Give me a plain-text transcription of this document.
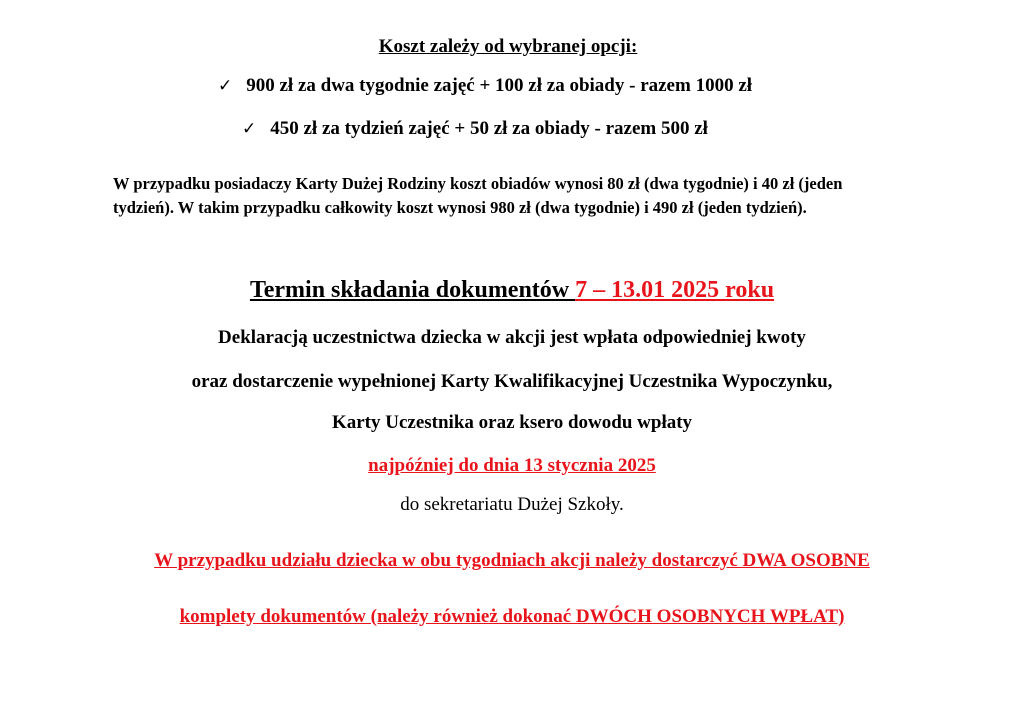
Koszt zależy od wybranej opcji:
✓ 900 zł za dwa tygodnie zajęć + 100 zł za obiady - razem 1000 zł
✓ 450 zł za tydzień zajęć + 50 zł za obiady - razem 500 zł
W przypadku posiadaczy Karty Dużej Rodziny koszt obiadów wynosi 80 zł (dwa tygodnie) i 40 zł (jeden tydzień). W takim przypadku całkowity koszt wynosi 980 zł (dwa tygodnie) i 490 zł (jeden tydzień).
Termin składania dokumentów 7 – 13.01 2025 roku
Deklaracją uczestnictwa dziecka w akcji jest wpłata odpowiedniej kwoty
oraz dostarczenie wypełnionej Karty Kwalifikacyjnej Uczestnika Wypoczynku,
Karty Uczestnika oraz ksero dowodu wpłaty
najpóźniej do dnia 13 stycznia 2025
do sekretariatu Dużej Szkoły.
W przypadku udziału dziecka w obu tygodniach akcji należy dostarczyć DWA OSOBNE
komplety dokumentów (należy również dokonać DWÓCH OSOBNYCH WPŁAT)
